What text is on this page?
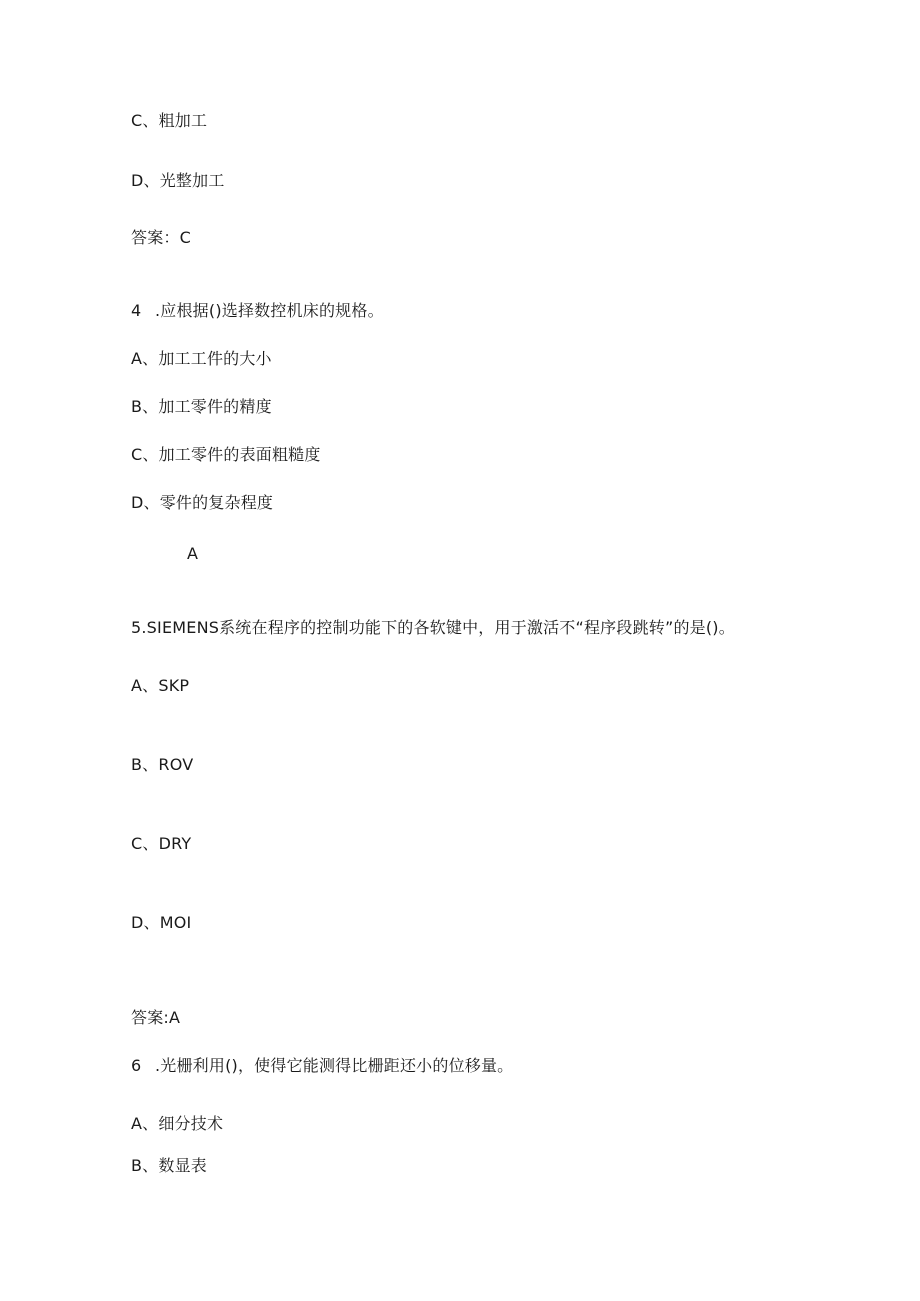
C、粗加工
D、光整加工
答案：C
4 .应根据()选择数控机床的规格。
A、加工工件的大小
B、加工零件的精度
C、加工零件的表面粗糙度
D、零件的复杂程度
A
5.SIEMENS系统在程序的控制功能下的各软键中，用于激活不“程序段跳转”的是()。
A、SKP
B、ROV
C、DRY
D、MOI
答案:A
6 .光栅利用()，使得它能测得比栅距还小的位移量。
A、细分技术
B、数显表
